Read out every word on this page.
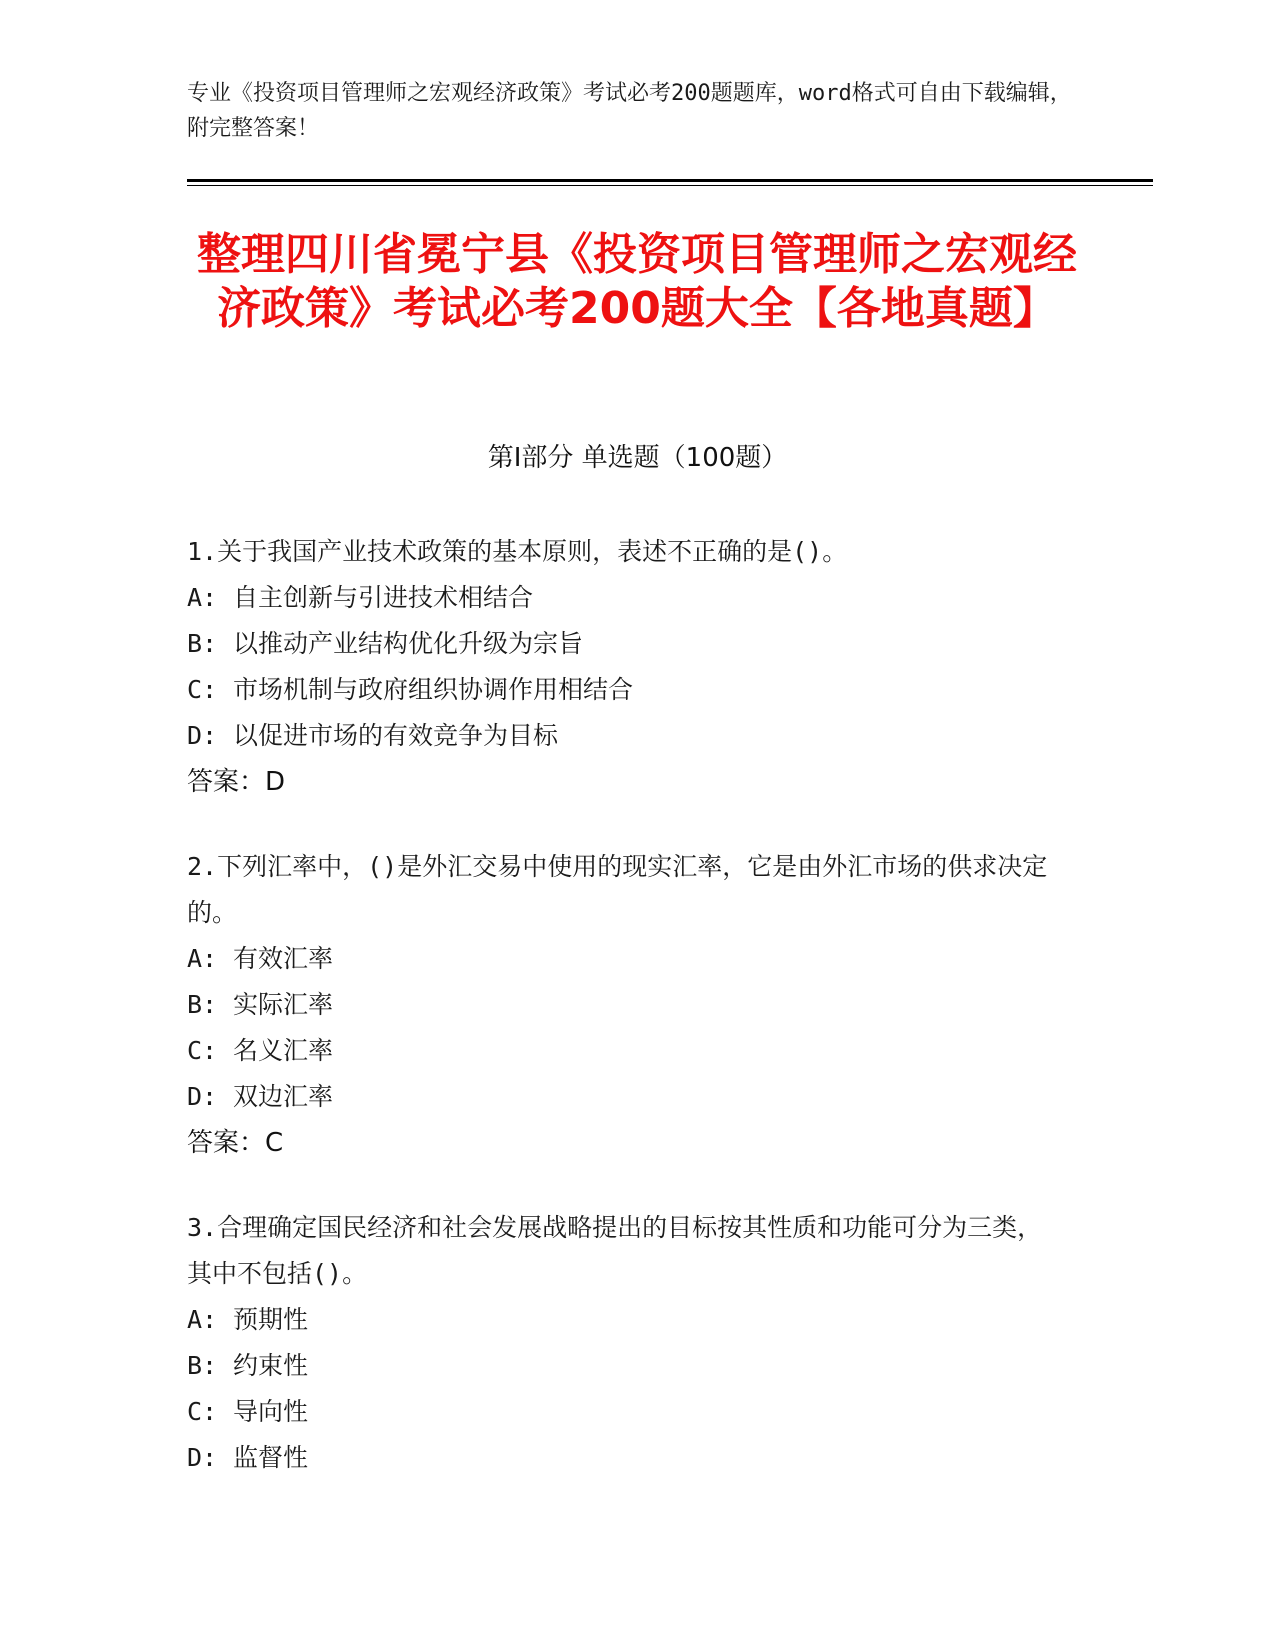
专业《投资项目管理师之宏观经济政策》考试必考200题题库，word格式可自由下载编辑，附完整答案！
整理四川省冕宁县《投资项目管理师之宏观经济政策》考试必考200题大全【各地真题】
第Ⅰ部分 单选题（100题）
1.关于我国产业技术政策的基本原则，表述不正确的是()。
A: 自主创新与引进技术相结合
B: 以推动产业结构优化升级为宗旨
C: 市场机制与政府组织协调作用相结合
D: 以促进市场的有效竞争为目标
答案：D
2.下列汇率中，()是外汇交易中使用的现实汇率，它是由外汇市场的供求决定的。
A: 有效汇率
B: 实际汇率
C: 名义汇率
D: 双边汇率
答案：C
3.合理确定国民经济和社会发展战略提出的目标按其性质和功能可分为三类，其中不包括()。
A: 预期性
B: 约束性
C: 导向性
D: 监督性
